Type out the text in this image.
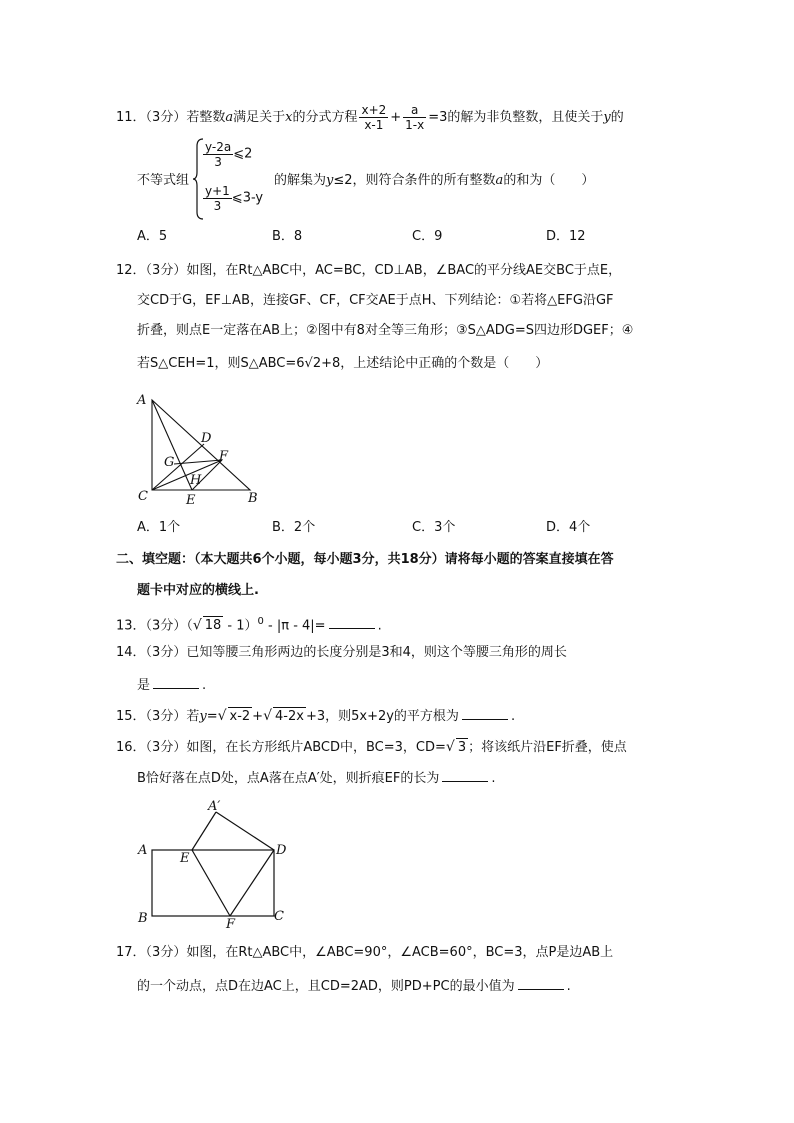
11．（3分）若整数a满足关于x的分式方程 $\frac{x+2}{x-1} + \frac{a}{1-x} =3$的解为非负整数，且使关于y的
不等式组
$\frac{y-2a}{3}$ ⩽2
$\frac{y+1}{3}$ ⩽3-y
的解集为y≤2，则符合条件的所有整数a的和为（　　）
A．5	B．8	C．9	D．12
12．（3分）如图，在Rt△ABC中，AC=BC，CD⊥AB，∠BAC的平分线AE交BC于点E，
交CD于G，EF⊥AB，连接GF、CF，CF交AE于点H、下列结论：①若将△EFG沿GF
折叠，则点E一定落在AB上；②图中有8对全等三角形；③S△ADG=S四边形DGEF；④
若S△CEH=1，则S△ABC=6√2+8，上述结论中正确的个数是（　　）
A
D
G	F
H
C	E	B
A．1个	B．2个	C．3个	D．4个
二、填空题：（本大题共6个小题，每小题3分，共18分）请将每小题的答案直接填在答
题卡中对应的横线上.
13．（3分）（√ 18 - 1）$^0$ - |π - 4|=	.
14．（3分）已知等腰三角形两边的长度分别是3和4，则这个等腰三角形的周长
是	.
15．（3分）若y=√ x-2 +√ 4-2x +3，则5x+2y的平方根为	.
16．（3分）如图，在长方形纸片ABCD中，BC=3，CD=√ 3 ；将该纸片沿EF折叠，使点
B恰好落在点D处，点A落在点A′处，则折痕EF的长为	.
A′
A
E
D
B	F
C
17．（3分）如图，在Rt△ABC中，∠ABC=90°，∠ACB=60°，BC=3，点P是边AB上
的一个动点，点D在边AC上，且CD=2AD，则PD+PC的最小值为	.
